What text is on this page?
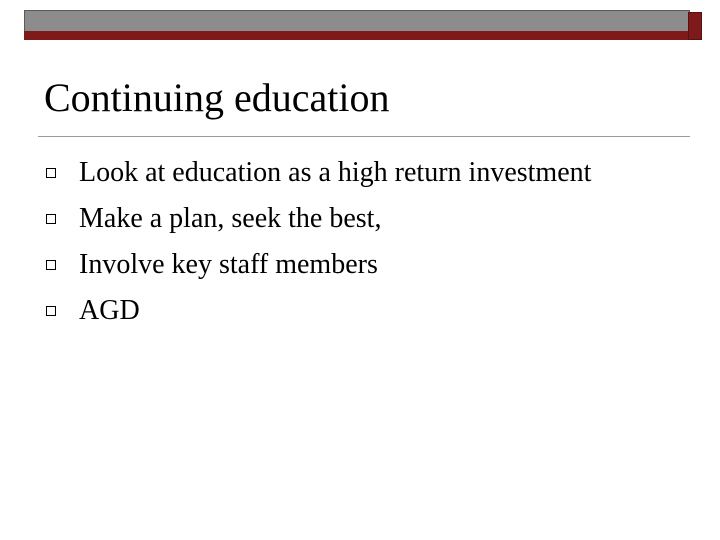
Continuing education
Look at education as a high return investment
Make a plan, seek the best,
Involve key staff members
AGD
